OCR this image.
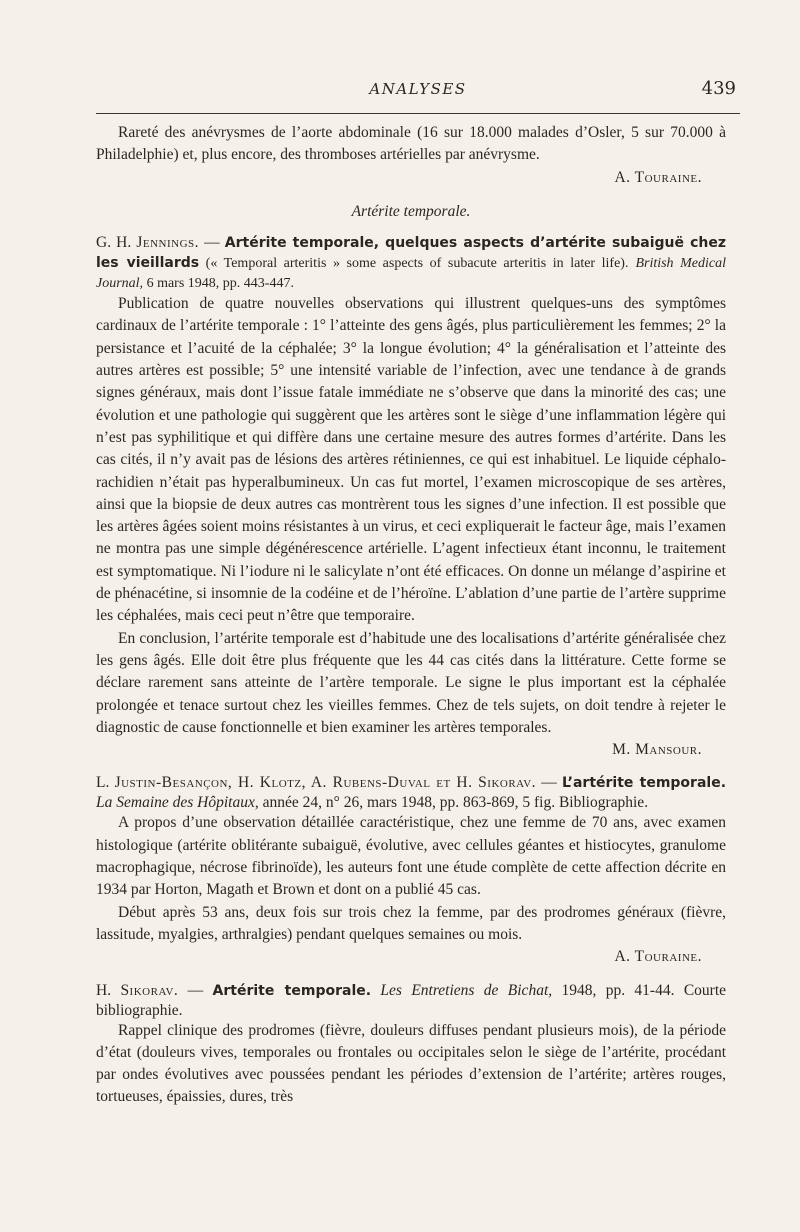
ANALYSES	439

Rareté des anévrysmes de l’aorte abdominale (16 sur 18.000 malades d’Osler, 5 sur 70.000 à Philadelphie) et, plus encore, des thromboses artérielles par anévrysme.

A. Touraine.

Artérite temporale.

G. H. Jennings. — Artérite temporale, quelques aspects d’artérite subaiguë chez les vieillards (« Temporal arteritis » some aspects of subacute arteritis in later life). British Medical Journal, 6 mars 1948, pp. 443-447.

Publication de quatre nouvelles observations qui illustrent quelques-uns des symptômes cardinaux de l’artérite temporale : 1° l’atteinte des gens âgés, plus particulièrement les femmes; 2° la persistance et l’acuité de la céphalée; 3° la longue évolution; 4° la généralisation et l’atteinte des autres artères est possible; 5° une intensité variable de l’infection, avec une tendance à de grands signes généraux, mais dont l’issue fatale immédiate ne s’observe que dans la minorité des cas; une évolution et une pathologie qui suggèrent que les artères sont le siège d’une inflammation légère qui n’est pas syphilitique et qui diffère dans une certaine mesure des autres formes d’artérite. Dans les cas cités, il n’y avait pas de lésions des artères rétiniennes, ce qui est inhabituel. Le liquide céphalo-rachidien n’était pas hyperalbumineux. Un cas fut mortel, l’examen microscopique de ses artères, ainsi que la biopsie de deux autres cas montrèrent tous les signes d’une infection. Il est possible que les artères âgées soient moins résistantes à un virus, et ceci expliquerait le facteur âge, mais l’examen ne montra pas une simple dégénérescence artérielle. L’agent infectieux étant inconnu, le traitement est symptomatique. Ni l’iodure ni le salicylate n’ont été efficaces. On donne un mélange d’aspirine et de phénacétine, si insomnie de la codéine et de l’héroïne. L’ablation d’une partie de l’artère supprime les céphalées, mais ceci peut n’être que temporaire.

En conclusion, l’artérite temporale est d’habitude une des localisations d’artérite généralisée chez les gens âgés. Elle doit être plus fréquente que les 44 cas cités dans la littérature. Cette forme se déclare rarement sans atteinte de l’artère temporale. Le signe le plus important est la céphalée prolongée et tenace surtout chez les vieilles femmes. Chez de tels sujets, on doit tendre à rejeter le diagnostic de cause fonctionnelle et bien examiner les artères temporales.

M. Mansour.

L. Justin-Besançon, H. Klotz, A. Rubens-Duval et H. Sikorav. — L’artérite temporale. La Semaine des Hôpitaux, année 24, n° 26, mars 1948, pp. 863-869, 5 fig. Bibliographie.

A propos d’une observation détaillée caractéristique, chez une femme de 70 ans, avec examen histologique (artérite oblitérante subaiguë, évolutive, avec cellules géantes et histiocytes, granulome macrophagique, nécrose fibrinoïde), les auteurs font une étude complète de cette affection décrite en 1934 par Horton, Magath et Brown et dont on a publié 45 cas.

Début après 53 ans, deux fois sur trois chez la femme, par des prodromes généraux (fièvre, lassitude, myalgies, arthralgies) pendant quelques semaines ou mois.

A. Touraine.

H. Sikorav. — Artérite temporale. Les Entretiens de Bichat, 1948, pp. 41-44. Courte bibliographie.

Rappel clinique des prodromes (fièvre, douleurs diffuses pendant plusieurs mois), de la période d’état (douleurs vives, temporales ou frontales ou occipitales selon le siège de l’artérite, procédant par ondes évolutives avec poussées pendant les périodes d’extension de l’artérite; artères rouges, tortueuses, épaissies, dures, très
